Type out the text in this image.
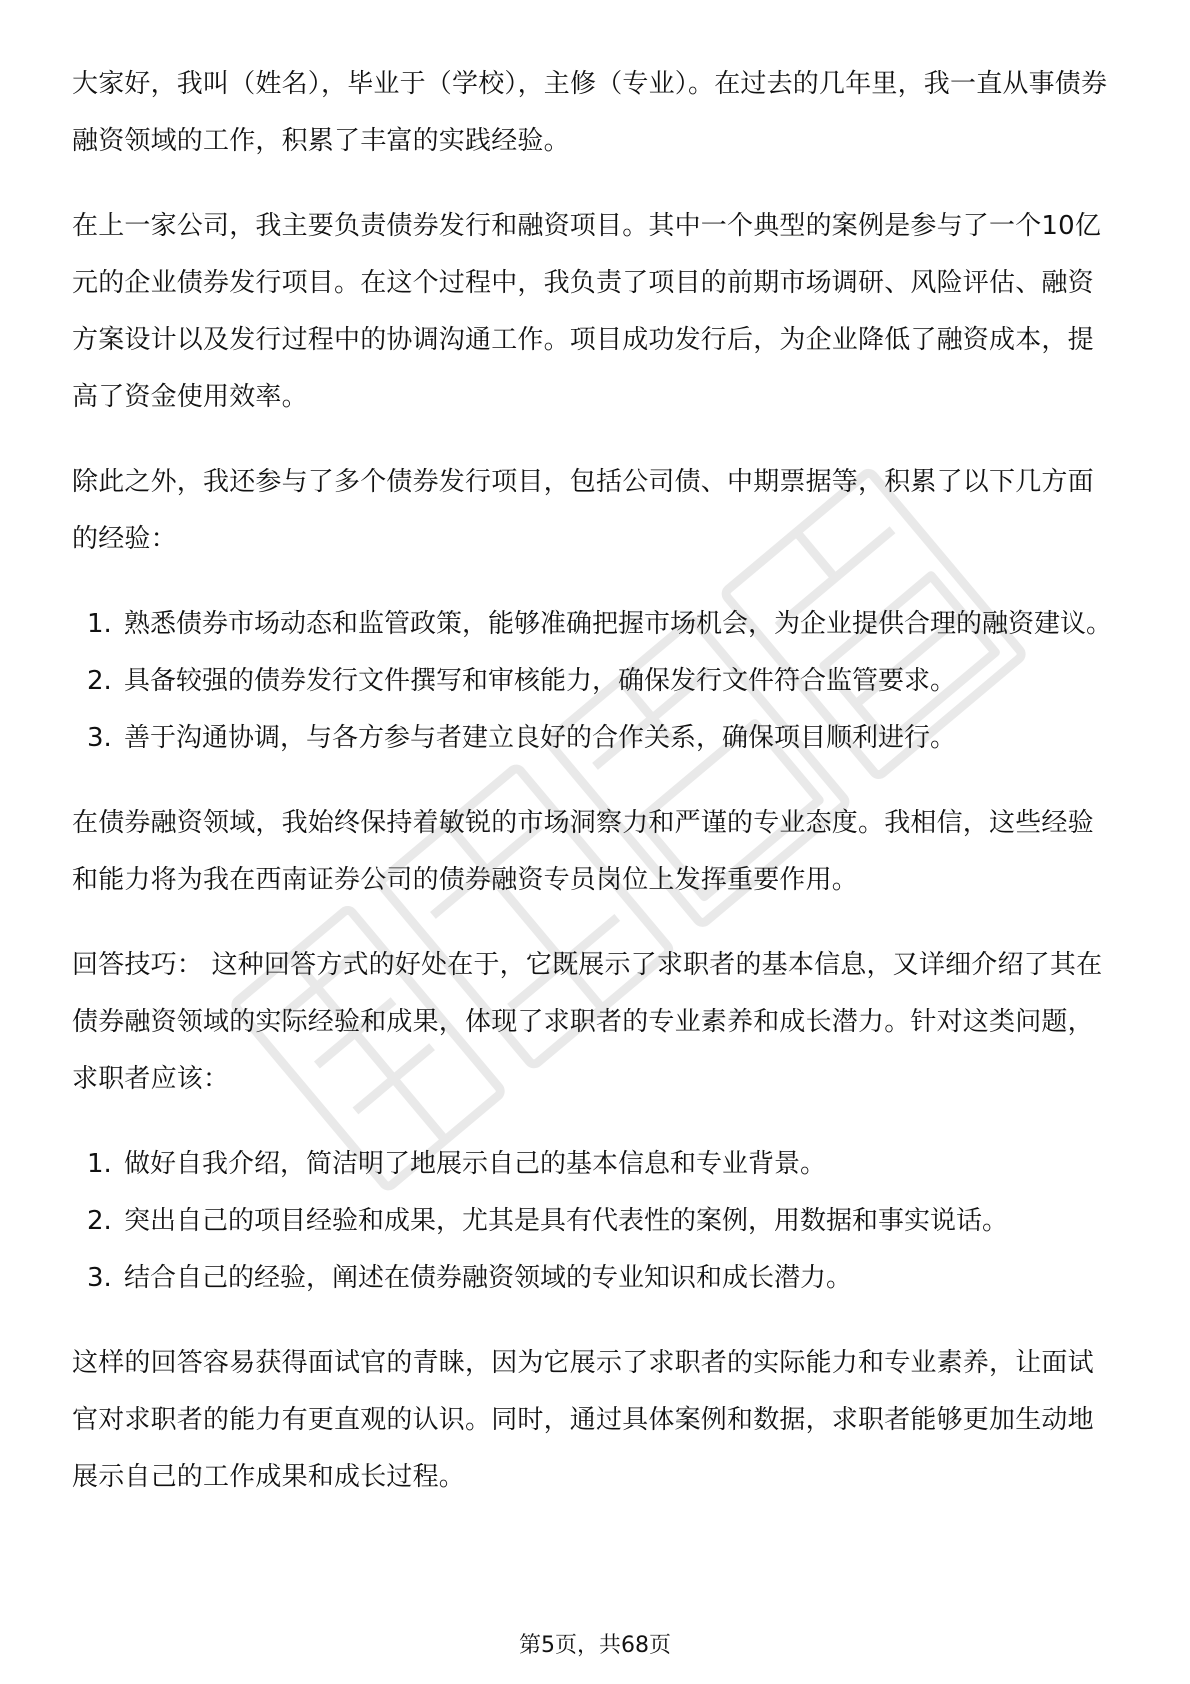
大家好，我叫（姓名），毕业于（学校），主修（专业）。在过去的几年里，我一直从事债券融资领域的工作，积累了丰富的实践经验。

在上一家公司，我主要负责债券发行和融资项目。其中一个典型的案例是参与了一个10亿元的企业债券发行项目。在这个过程中，我负责了项目的前期市场调研、风险评估、融资方案设计以及发行过程中的协调沟通工作。项目成功发行后，为企业降低了融资成本，提高了资金使用效率。

除此之外，我还参与了多个债券发行项目，包括公司债、中期票据等，积累了以下几方面的经验：

1. 熟悉债券市场动态和监管政策，能够准确把握市场机会，为企业提供合理的融资建议。
2. 具备较强的债券发行文件撰写和审核能力，确保发行文件符合监管要求。
3. 善于沟通协调，与各方参与者建立良好的合作关系，确保项目顺利进行。

在债券融资领域，我始终保持着敏锐的市场洞察力和严谨的专业态度。我相信，这些经验和能力将为我在西南证券公司的债券融资专员岗位上发挥重要作用。

回答技巧： 这种回答方式的好处在于，它既展示了求职者的基本信息，又详细介绍了其在债券融资领域的实际经验和成果，体现了求职者的专业素养和成长潜力。针对这类问题，求职者应该：

1. 做好自我介绍，简洁明了地展示自己的基本信息和专业背景。
2. 突出自己的项目经验和成果，尤其是具有代表性的案例，用数据和事实说话。
3. 结合自己的经验，阐述在债券融资领域的专业知识和成长潜力。

这样的回答容易获得面试官的青睐，因为它展示了求职者的实际能力和专业素养，让面试官对求职者的能力有更直观的认识。同时，通过具体案例和数据，求职者能够更加生动地展示自己的工作成果和成长过程。

第5页，共68页
